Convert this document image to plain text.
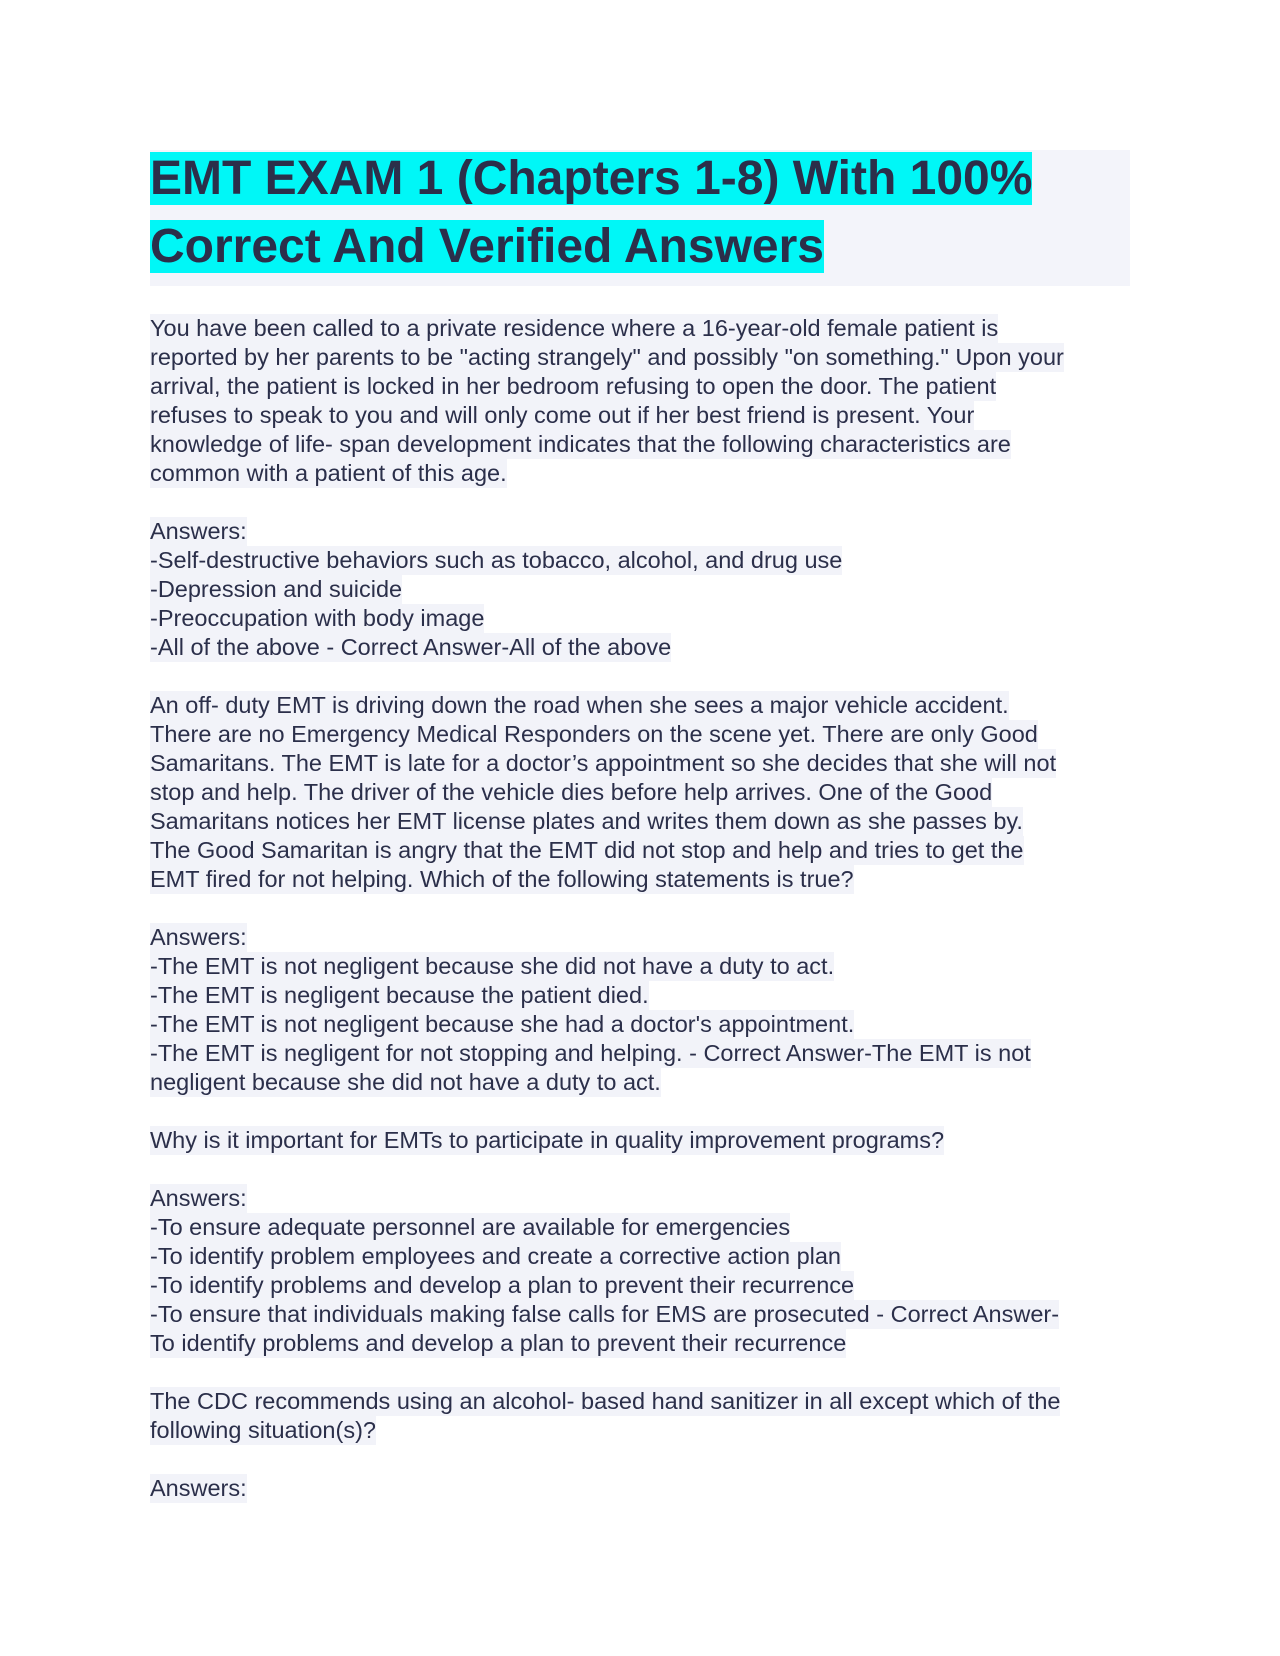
EMT EXAM 1 (Chapters 1-8) With 100%
Correct And Verified Answers

You have been called to a private residence where a 16-year-old female patient is
reported by her parents to be "acting strangely" and possibly "on something." Upon your
arrival, the patient is locked in her bedroom refusing to open the door. The patient
refuses to speak to you and will only come out if her best friend is present. Your
knowledge of life- span development indicates that the following characteristics are
common with a patient of this age.

Answers:
-Self-destructive behaviors such as tobacco, alcohol, and drug use
-Depression and suicide
-Preoccupation with body image
-All of the above - Correct Answer-All of the above

An off- duty EMT is driving down the road when she sees a major vehicle accident.
There are no Emergency Medical Responders on the scene yet. There are only Good
Samaritans. The EMT is late for a doctor’s appointment so she decides that she will not
stop and help. The driver of the vehicle dies before help arrives. One of the Good
Samaritans notices her EMT license plates and writes them down as she passes by.
The Good Samaritan is angry that the EMT did not stop and help and tries to get the
EMT fired for not helping. Which of the following statements is true?

Answers:
-The EMT is not negligent because she did not have a duty to act.
-The EMT is negligent because the patient died.
-The EMT is not negligent because she had a doctor's appointment.
-The EMT is negligent for not stopping and helping. - Correct Answer-The EMT is not
negligent because she did not have a duty to act.

Why is it important for EMTs to participate in quality improvement programs?

Answers:
-To ensure adequate personnel are available for emergencies
-To identify problem employees and create a corrective action plan
-To identify problems and develop a plan to prevent their recurrence
-To ensure that individuals making false calls for EMS are prosecuted - Correct Answer-
To identify problems and develop a plan to prevent their recurrence

The CDC recommends using an alcohol- based hand sanitizer in all except which of the
following situation(s)?

Answers:
